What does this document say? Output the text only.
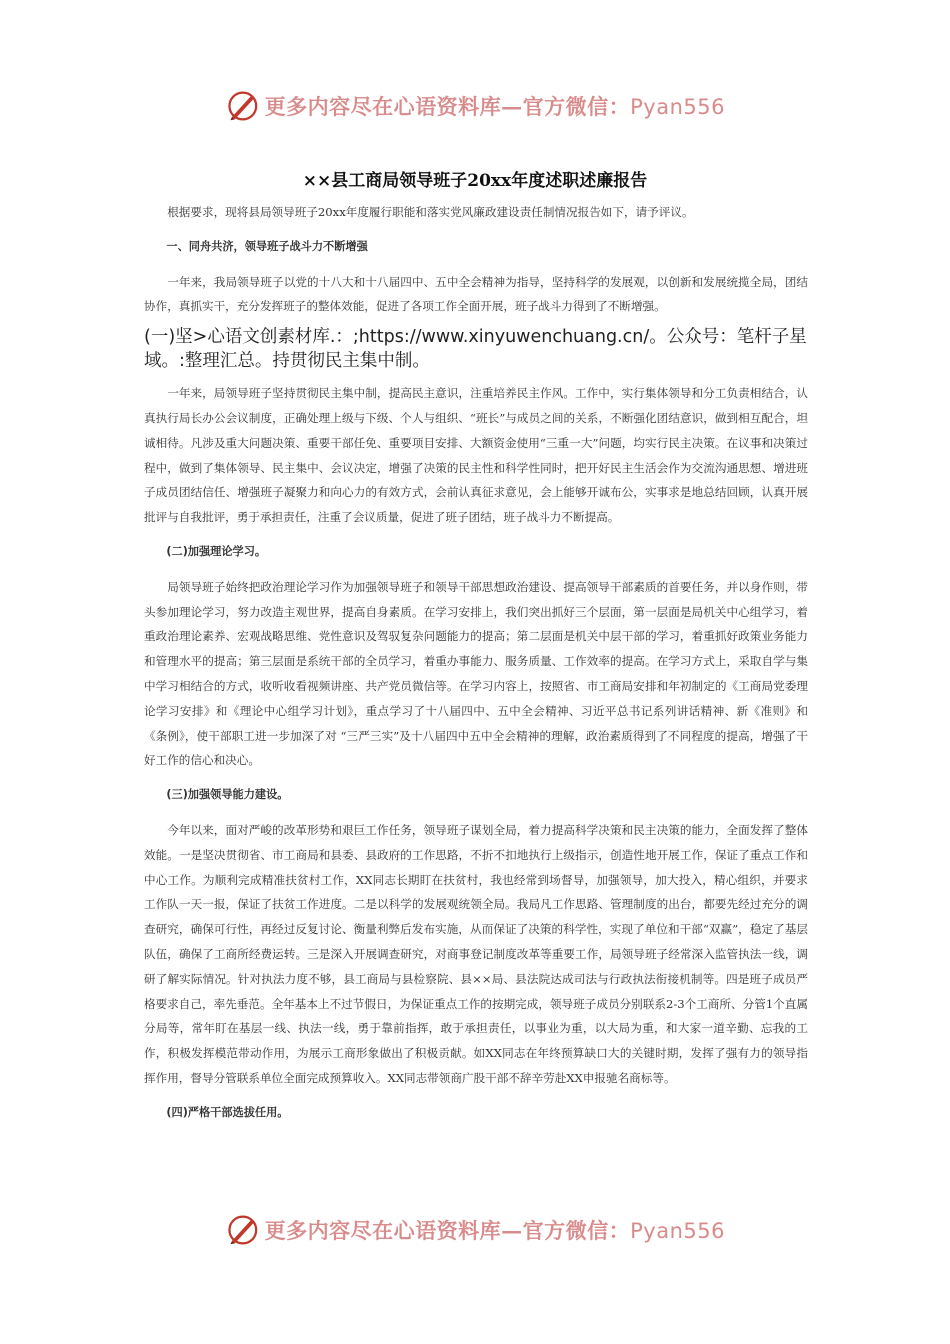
更多内容尽在心语资料库—官方微信：Pyan556
××县工商局领导班子20xx年度述职述廉报告

根据要求，现将县局领导班子20xx年度履行职能和落实党风廉政建设责任制情况报告如下，请予评议。

一、同舟共济，领导班子战斗力不断增强

一年来，我局领导班子以党的十八大和十八届四中、五中全会精神为指导，坚持科学的发展观，以创新和发展统揽全局，团结协作，真抓实干，充分发挥班子的整体效能，促进了各项工作全面开展，班子战斗力得到了不断增强。

(一)坚>心语文创素材库.：;https://www.xinyuwenchuang.cn/。公众号：笔杆子星域。:整理汇总。持贯彻民主集中制。

一年来，局领导班子坚持贯彻民主集中制，提高民主意识，注重培养民主作风。工作中，实行集体领导和分工负责相结合，认真执行局长办公会议制度，正确处理上级与下级、个人与组织、“班长”与成员之间的关系，不断强化团结意识，做到相互配合，坦诚相待。凡涉及重大问题决策、重要干部任免、重要项目安排、大额资金使用“三重一大”问题，均实行民主决策。在议事和决策过程中，做到了集体领导、民主集中、会议决定，增强了决策的民主性和科学性同时，把开好民主生活会作为交流沟通思想、增进班子成员团结信任、增强班子凝聚力和向心力的有效方式，会前认真征求意见，会上能够开诚布公，实事求是地总结回顾，认真开展批评与自我批评，勇于承担责任，注重了会议质量，促进了班子团结，班子战斗力不断提高。

(二)加强理论学习。

局领导班子始终把政治理论学习作为加强领导班子和领导干部思想政治建设、提高领导干部素质的首要任务，并以身作则，带头参加理论学习，努力改造主观世界，提高自身素质。在学习安排上，我们突出抓好三个层面，第一层面是局机关中心组学习，着重政治理论素养、宏观战略思维、党性意识及驾驭复杂问题能力的提高；第二层面是机关中层干部的学习，着重抓好政策业务能力和管理水平的提高；第三层面是系统干部的全员学习，着重办事能力、服务质量、工作效率的提高。在学习方式上，采取自学与集中学习相结合的方式，收听收看视频讲座、共产党员微信等。在学习内容上，按照省、市工商局安排和年初制定的《工商局党委理论学习安排》和《理论中心组学习计划》，重点学习了十八届四中、五中全会精神、习近平总书记系列讲话精神、新《准则》和《条例》，使干部职工进一步加深了对 “三严三实”及十八届四中五中全会精神的理解，政治素质得到了不同程度的提高，增强了干好工作的信心和决心。

(三)加强领导能力建设。

今年以来，面对严峻的改革形势和艰巨工作任务，领导班子谋划全局，着力提高科学决策和民主决策的能力，全面发挥了整体效能。一是坚决贯彻省、市工商局和县委、县政府的工作思路，不折不扣地执行上级指示，创造性地开展工作，保证了重点工作和中心工作。为顺利完成精准扶贫村工作，XX同志长期盯在扶贫村，我也经常到场督导，加强领导，加大投入，精心组织，并要求工作队一天一报，保证了扶贫工作进度。二是以科学的发展观统领全局。我局凡工作思路、管理制度的出台，都要先经过充分的调查研究，确保可行性，再经过反复讨论、衡量利弊后发布实施，从而保证了决策的科学性，实现了单位和干部“双赢”，稳定了基层队伍，确保了工商所经费运转。三是深入开展调查研究，对商事登记制度改革等重要工作，局领导班子经常深入监管执法一线，调研了解实际情况。针对执法力度不够，县工商局与县检察院、县××局、县法院达成司法与行政执法衔接机制等。四是班子成员严格要求自己，率先垂范。全年基本上不过节假日，为保证重点工作的按期完成，领导班子成员分别联系2-3个工商所、分管1个直属分局等，常年盯在基层一线、执法一线，勇于靠前指挥，敢于承担责任，以事业为重，以大局为重，和大家一道辛勤、忘我的工作，积极发挥模范带动作用，为展示工商形象做出了积极贡献。如XX同志在年终预算缺口大的关键时期，发挥了强有力的领导指挥作用，督导分管联系单位全面完成预算收入。XX同志带领商广股干部不辞辛劳赴XX申报驰名商标等。

(四)严格干部选拔任用。

更多内容尽在心语资料库—官方微信：Pyan556
